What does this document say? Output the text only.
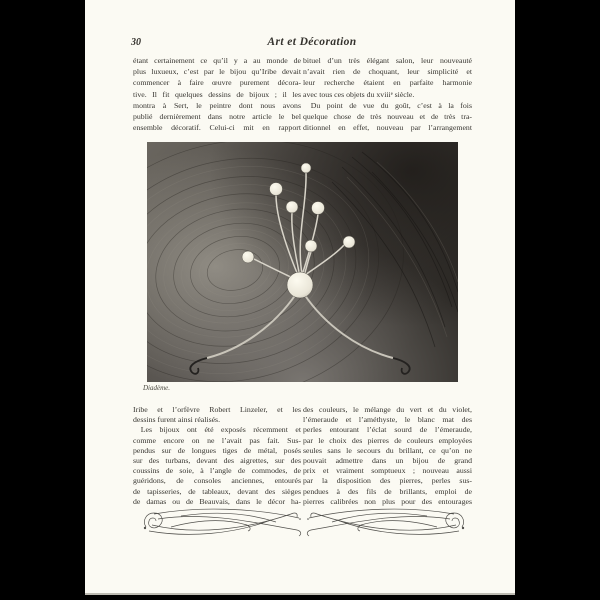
30	Art et Décoration
étant certainement ce qu’il y a au monde de
plus luxueux, c’est par le bijou qu’Iribe devait
commencer à faire œuvre purement décora-
tive. Il fit quelques dessins de bijoux ; il les
montra à Sert, le peintre dont nous avons
publié dernièrement dans notre article le bel
ensemble décoratif. Celui-ci mit en rapport
bituel d’un très élégant salon, leur nouveauté
n’avait rien de choquant, leur simplicité et
leur recherche étaient en parfaite harmonie
avec tous ces objets du xviiiᵉ siècle.
 Du point de vue du goût, c’est à la fois
quelque chose de très nouveau et de très tra-
ditionnel en effet, nouveau par l’arrangement
Diadème.
Iribe et l’orfèvre Robert Linzeler, et les
dessins furent ainsi réalisés.
 Les bijoux ont été exposés récemment et
comme encore on ne l’avait pas fait. Sus-
pendus sur de longues tiges de métal, posés
sur des turbans, devant des aigrettes, sur des
coussins de soie, à l’angle de commodes, de
guéridons, de consoles anciennes, entourés
de tapisseries, de tableaux, devant des sièges
de damas ou de Beauvais, dans le décor ha-
des couleurs, le mélange du vert et du violet,
l’émeraude et l’améthyste, le blanc mat des
perles entourant l’éclat sourd de l’émeraude,
par le choix des pierres de couleurs employées
seules sans le secours du brillant, ce qu’on ne
pouvait admettre dans un bijou de grand
prix et vraiment somptueux ; nouveau aussi
par la disposition des pierres, perles sus-
pendues à des fils de brillants, emploi de
pierres calibrées non plus pour des entourages
